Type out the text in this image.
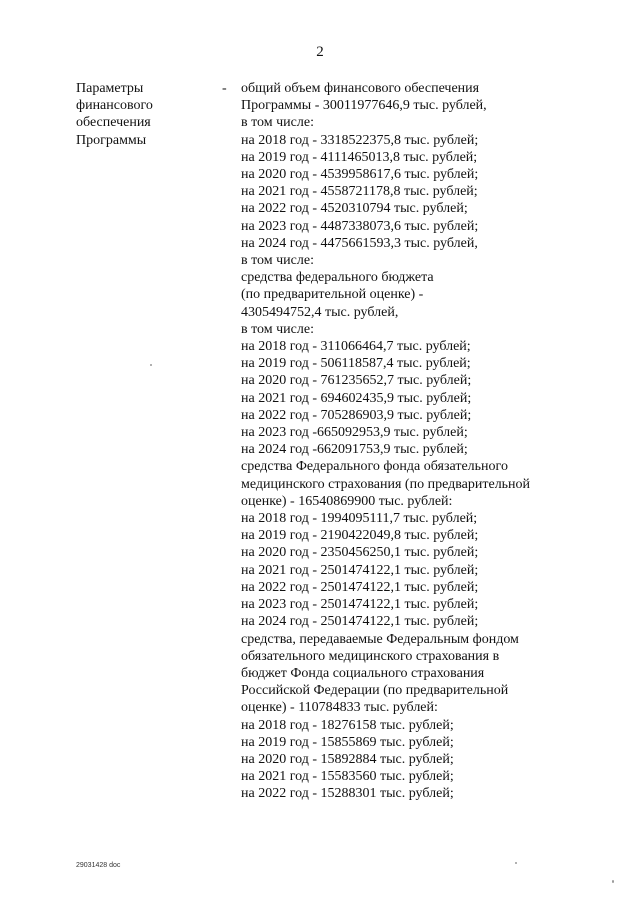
2
Параметры
финансового
обеспечения
Программы
- общий объем финансового обеспечения
Программы - 30011977646,9 тыс. рублей,
в том числе:
на 2018 год - 3318522375,8 тыс. рублей;
на 2019 год - 4111465013,8 тыс. рублей;
на 2020 год - 4539958617,6 тыс. рублей;
на 2021 год - 4558721178,8 тыс. рублей;
на 2022 год - 4520310794 тыс. рублей;
на 2023 год - 4487338073,6 тыс. рублей;
на 2024 год - 4475661593,3 тыс. рублей,
в том числе:
средства федерального бюджета
(по предварительной оценке) -
4305494752,4 тыс. рублей,
в том числе:
на 2018 год - 311066464,7 тыс. рублей;
на 2019 год - 506118587,4 тыс. рублей;
на 2020 год - 761235652,7 тыс. рублей;
на 2021 год - 694602435,9 тыс. рублей;
на 2022 год - 705286903,9 тыс. рублей;
на 2023 год -665092953,9 тыс. рублей;
на 2024 год -662091753,9 тыс. рублей;
средства Федерального фонда обязательного
медицинского страхования (по предварительной
оценке) - 16540869900 тыс. рублей:
на 2018 год - 1994095111,7 тыс. рублей;
на 2019 год - 2190422049,8 тыс. рублей;
на 2020 год - 2350456250,1 тыс. рублей;
на 2021 год - 2501474122,1 тыс. рублей;
на 2022 год - 2501474122,1 тыс. рублей;
на 2023 год - 2501474122,1 тыс. рублей;
на 2024 год - 2501474122,1 тыс. рублей;
средства, передаваемые Федеральным фондом
обязательного медицинского страхования в
бюджет Фонда социального страхования
Российской Федерации (по предварительной
оценке) - 110784833 тыс. рублей:
на 2018 год - 18276158 тыс. рублей;
на 2019 год - 15855869 тыс. рублей;
на 2020 год - 15892884 тыс. рублей;
на 2021 год - 15583560 тыс. рублей;
на 2022 год - 15288301 тыс. рублей;
29031428 doc
